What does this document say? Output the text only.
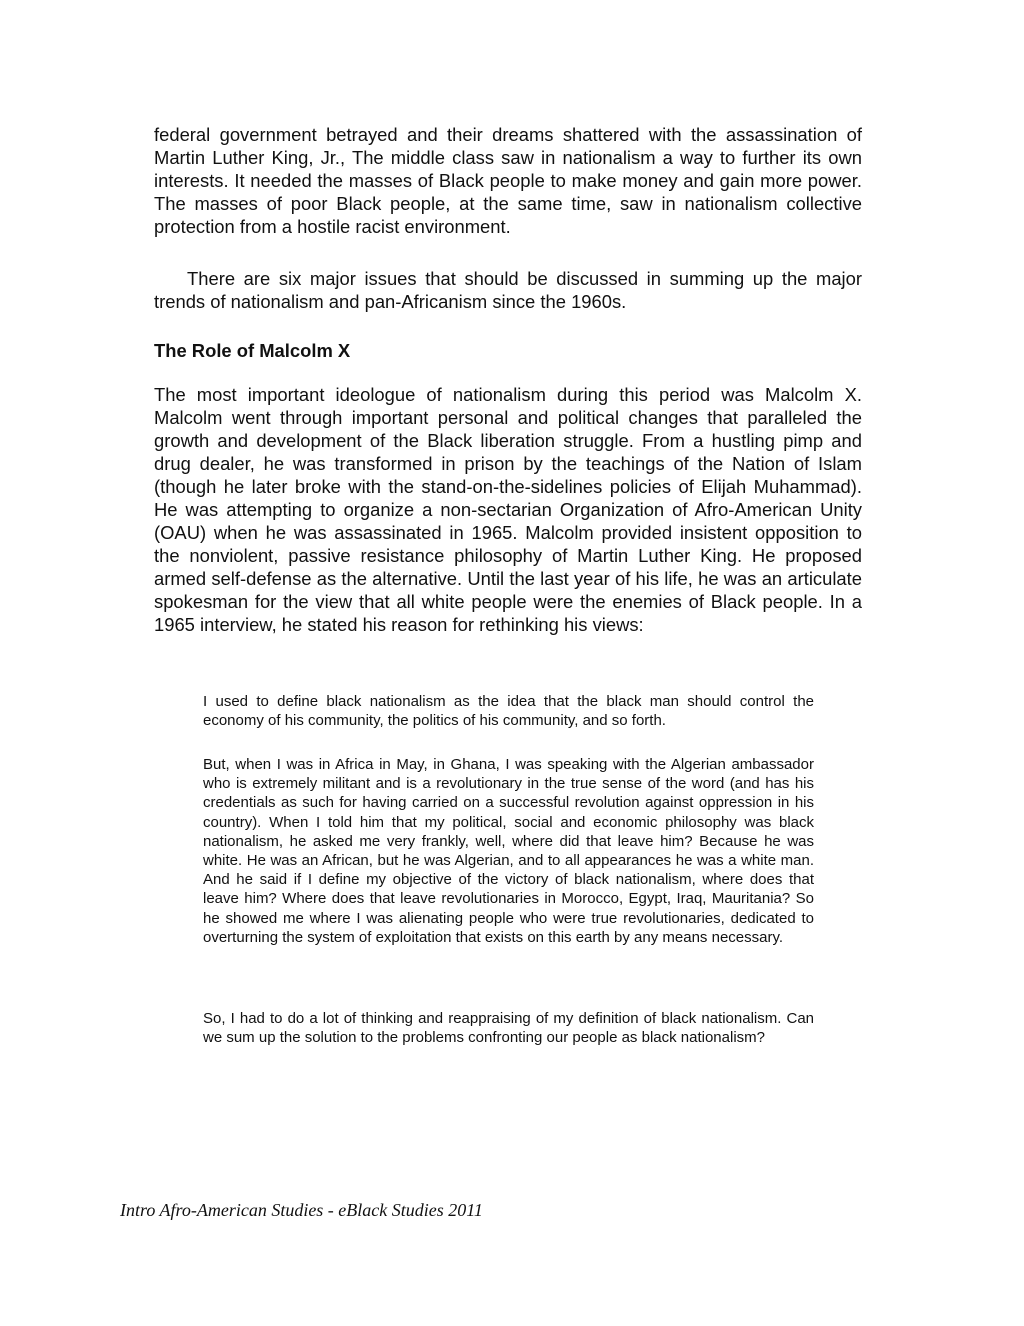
federal government betrayed and their dreams shattered with the assassination of Martin Luther King, Jr., The middle class saw in nationalism a way to further its own interests. It needed the masses of Black people to make money and gain more power. The masses of poor Black people, at the same time, saw in nationalism collective protection from a hostile racist environment.

There are six major issues that should be discussed in summing up the major trends of nationalism and pan-Africanism since the 1960s.

The Role of Malcolm X

The most important ideologue of nationalism during this period was Malcolm X. Malcolm went through important personal and political changes that paralleled the growth and development of the Black liberation struggle. From a hustling pimp and drug dealer, he was transformed in prison by the teachings of the Nation of Islam (though he later broke with the stand-on-the-sidelines policies of Elijah Muhammad). He was attempting to organize a non-sectarian Organization of Afro-American Unity (OAU) when he was assassinated in 1965. Malcolm provided insistent opposition to the nonviolent, passive resistance philosophy of Martin Luther King. He proposed armed self-defense as the alternative. Until the last year of his life, he was an articulate spokesman for the view that all white people were the enemies of Black people. In a 1965 interview, he stated his reason for rethinking his views:

I used to define black nationalism as the idea that the black man should control the economy of his community, the politics of his community, and so forth.

But, when I was in Africa in May, in Ghana, I was speaking with the Algerian ambassador who is extremely militant and is a revolutionary in the true sense of the word (and has his credentials as such for having carried on a successful revolution against oppression in his country). When I told him that my political, social and economic philosophy was black nationalism, he asked me very frankly, well, where did that leave him? Because he was white. He was an African, but he was Algerian, and to all appearances he was a white man. And he said if I define my objective of the victory of black nationalism, where does that leave him? Where does that leave revolutionaries in Morocco, Egypt, Iraq, Mauritania? So he showed me where I was alienating people who were true revolutionaries, dedicated to overturning the system of exploitation that exists on this earth by any means necessary.

So, I had to do a lot of thinking and reappraising of my definition of black nationalism. Can we sum up the solution to the problems confronting our people as black nationalism?

Intro Afro-American Studies - eBlack Studies 2011
